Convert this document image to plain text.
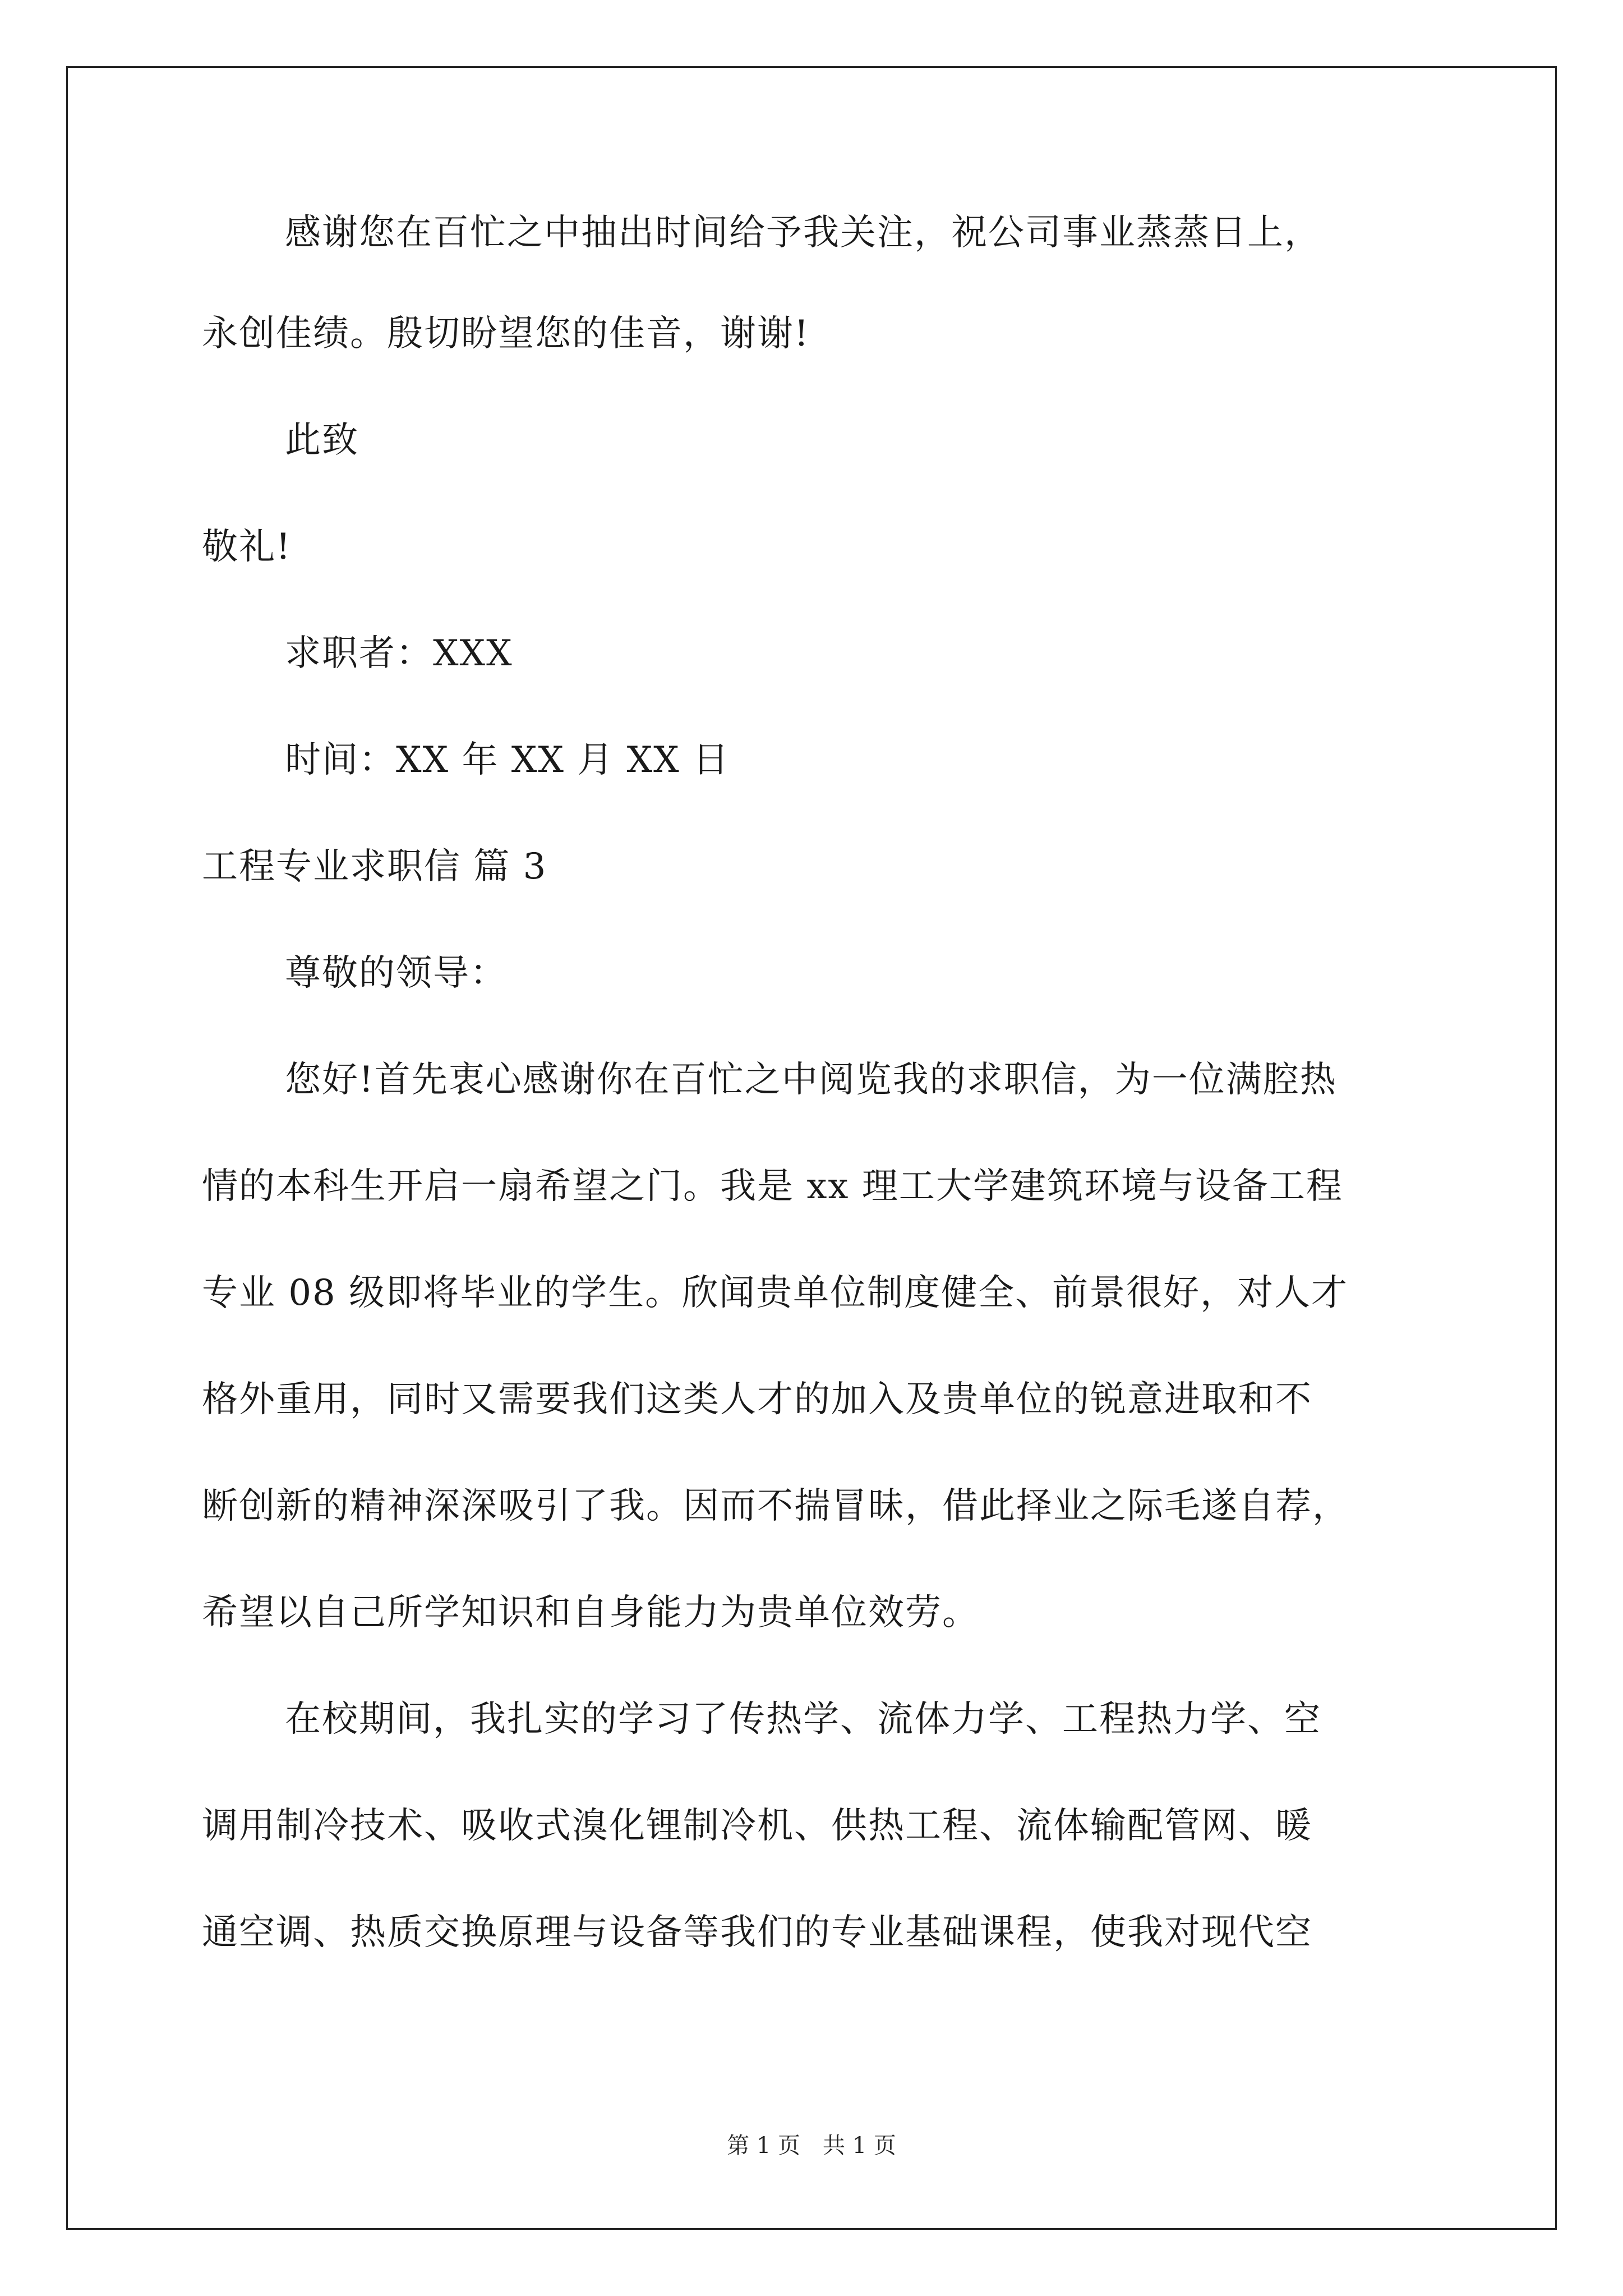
感谢您在百忙之中抽出时间给予我关注，祝公司事业蒸蒸日上，

永创佳绩。殷切盼望您的佳音，谢谢!

此致

敬礼!

求职者：XXX

时间：XX 年 XX 月 XX 日

工程专业求职信 篇 3

尊敬的领导：

您好!首先衷心感谢你在百忙之中阅览我的求职信，为一位满腔热

情的本科生开启一扇希望之门。我是 xx 理工大学建筑环境与设备工程

专业 08 级即将毕业的学生。欣闻贵单位制度健全、前景很好，对人才

格外重用，同时又需要我们这类人才的加入及贵单位的锐意进取和不

断创新的精神深深吸引了我。因而不揣冒昧，借此择业之际毛遂自荐，

希望以自己所学知识和自身能力为贵单位效劳。

在校期间，我扎实的学习了传热学、流体力学、工程热力学、空

调用制冷技术、吸收式溴化锂制冷机、供热工程、流体输配管网、暖

通空调、热质交换原理与设备等我们的专业基础课程，使我对现代空

第 1 页　共 1 页
